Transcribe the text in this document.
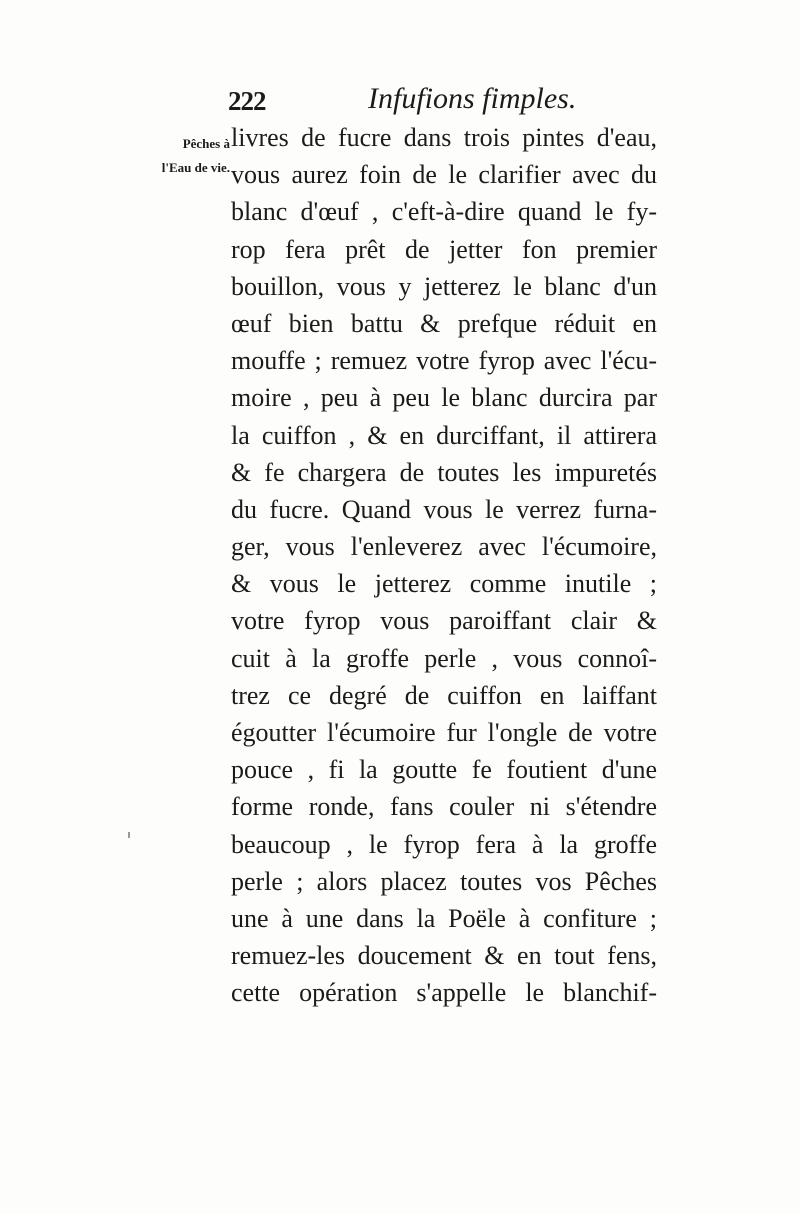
222	Infufions fimples.
Pêches à
l'Eau de vie.
livres de fucre dans trois pintes d'eau,
vous aurez foin de le clarifier avec du
blanc d'œuf , c'eft-à-dire quand le fy-
rop fera prêt de jetter fon premier
bouillon, vous y jetterez le blanc d'un
œuf bien battu & prefque réduit en
mouffe ; remuez votre fyrop avec l'écu-
moire , peu à peu le blanc durcira par
la cuiffon , & en durciffant, il attirera
& fe chargera de toutes les impuretés
du fucre. Quand vous le verrez furna-
ger, vous l'enleverez avec l'écumoire,
& vous le jetterez comme inutile ;
votre fyrop vous paroiffant clair &
cuit à la groffe perle , vous connoî-
trez ce degré de cuiffon en laiffant
égoutter l'écumoire fur l'ongle de votre
pouce , fi la goutte fe foutient d'une
forme ronde, fans couler ni s'étendre
beaucoup , le fyrop fera à la groffe
perle ; alors placez toutes vos Pêches
une à une dans la Poële à confiture ;
remuez-les doucement & en tout fens,
cette opération s'appelle le blanchif-
